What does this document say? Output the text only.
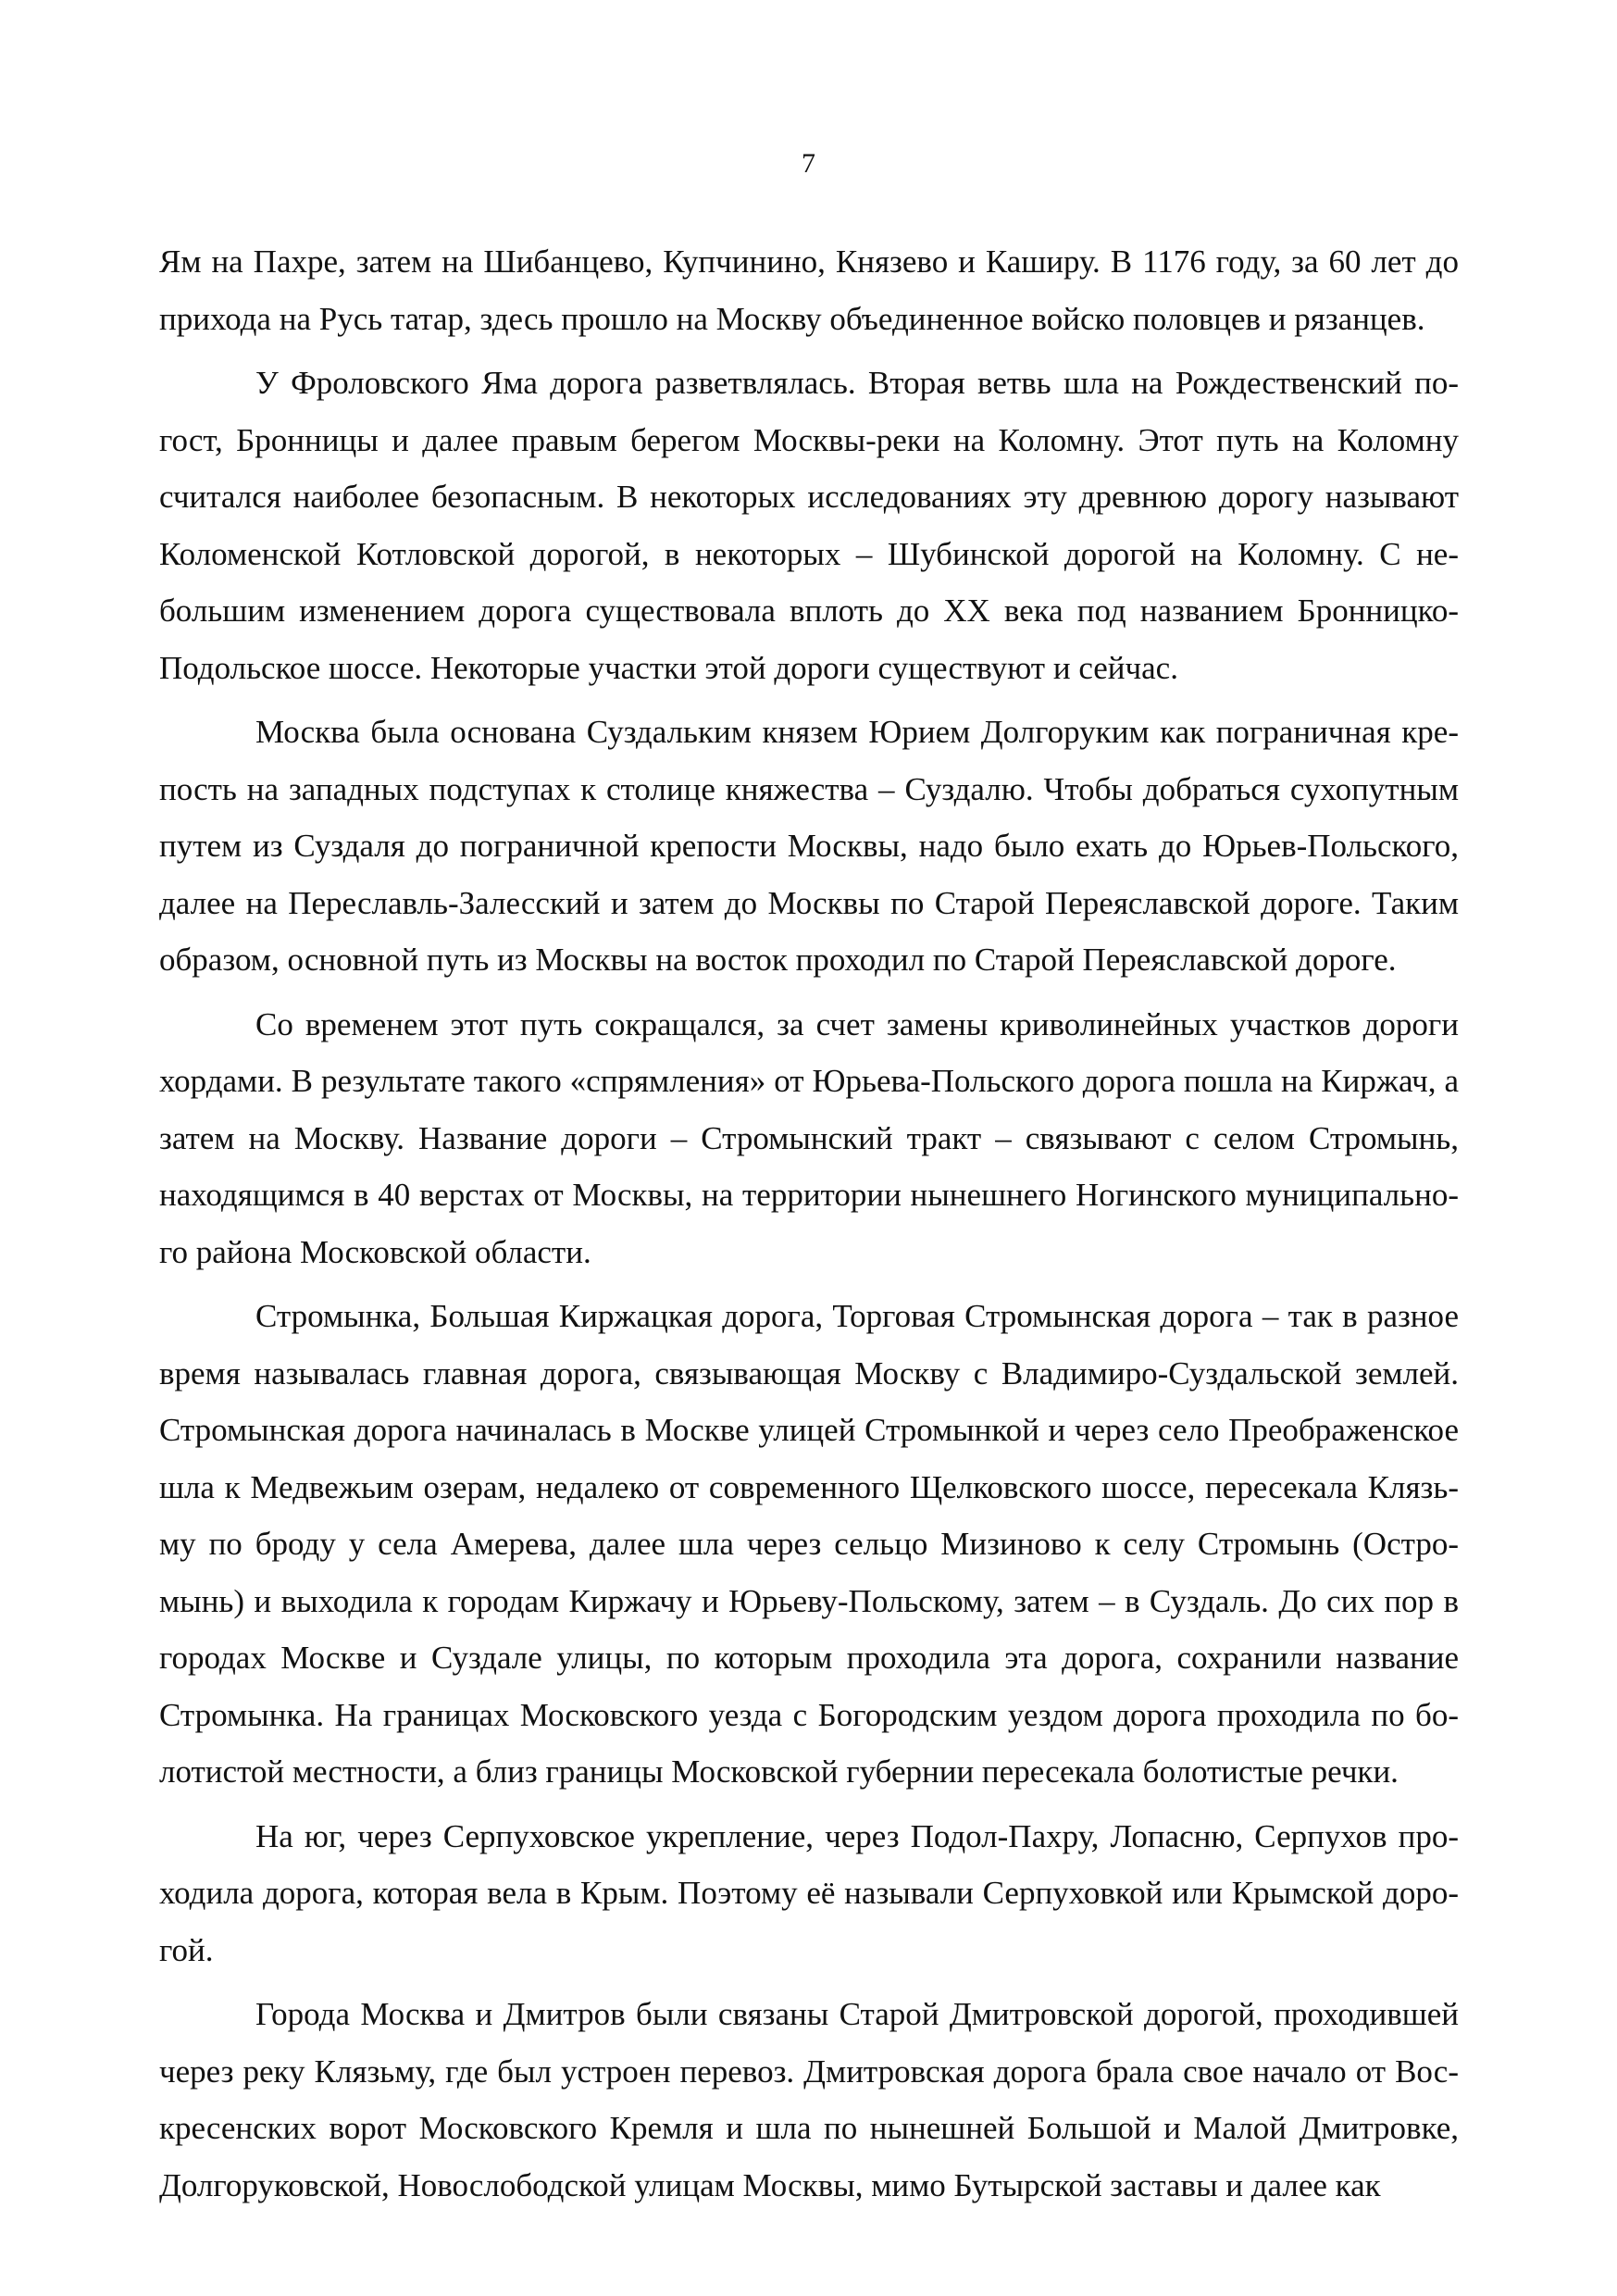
7

Ям на Пахре, затем на Шибанцево, Купчинино, Князево и Каширу. В 1176 году, за 60 лет до прихода на Русь татар, здесь прошло на Москву объединенное войско половцев и рязанцев.

У Фроловского Яма дорога разветвлялась. Вторая ветвь шла на Рождественский погост, Бронницы и далее правым берегом Москвы-реки на Коломну. Этот путь на Коломну считался наиболее безопасным. В некоторых исследованиях эту древнюю дорогу называют Коломенской Котловской дорогой, в некоторых – Шубинской дорогой на Коломну. С небольшим изменением дорога существовала вплоть до XX века под названием Бронницко-Подольское шоссе. Некоторые участки этой дороги существуют и сейчас.

Москва была основана Суздальким князем Юрием Долгоруким как пограничная крепость на западных подступах к столице княжества – Суздалю. Чтобы добраться сухопутным путем из Суздаля до пограничной крепости Москвы, надо было ехать до Юрьев-Польского, далее на Переславль-Залесский и затем до Москвы по Старой Переяславской дороге. Таким образом, основной путь из Москвы на восток проходил по Старой Переяславской дороге.

Со временем этот путь сокращался, за счет замены криволинейных участков дороги хордами. В результате такого «спрямления» от Юрьева-Польского дорога пошла на Киржач, а затем на Москву. Название дороги – Стромынский тракт – связывают с селом Стромынь, находящимся в 40 верстах от Москвы, на территории нынешнего Ногинского муниципального района Московской области.

Стромынка, Большая Киржацкая дорога, Торговая Стромынская дорога – так в разное время называлась главная дорога, связывающая Москву с Владимиро-Суздальской землей. Стромынская дорога начиналась в Москве улицей Стромынкой и через село Преображенское шла к Медвежьим озерам, недалеко от современного Щелковского шоссе, пересекала Клязьму по броду у села Амерева, далее шла через сельцо Мизиново к селу Стромынь (Остромынь) и выходила к городам Киржачу и Юрьеву-Польскому, затем – в Суздаль. До сих пор в городах Москве и Суздале улицы, по которым проходила эта дорога, сохранили название Стромынка. На границах Московского уезда с Богородским уездом дорога проходила по болотистой местности, а близ границы Московской губернии пересекала болотистые речки.

На юг, через Серпуховское укрепление, через Подол-Пахру, Лопасню, Серпухов проходила дорога, которая вела в Крым. Поэтому её называли Серпуховкой или Крымской дорогой.

Города Москва и Дмитров были связаны Старой Дмитровской дорогой, проходившей через реку Клязьму, где был устроен перевоз. Дмитровская дорога брала свое начало от Воскресенских ворот Московского Кремля и шла по нынешней Большой и Малой Дмитровке, Долгоруковской, Новослободской улицам Москвы, мимо Бутырской заставы и далее как
